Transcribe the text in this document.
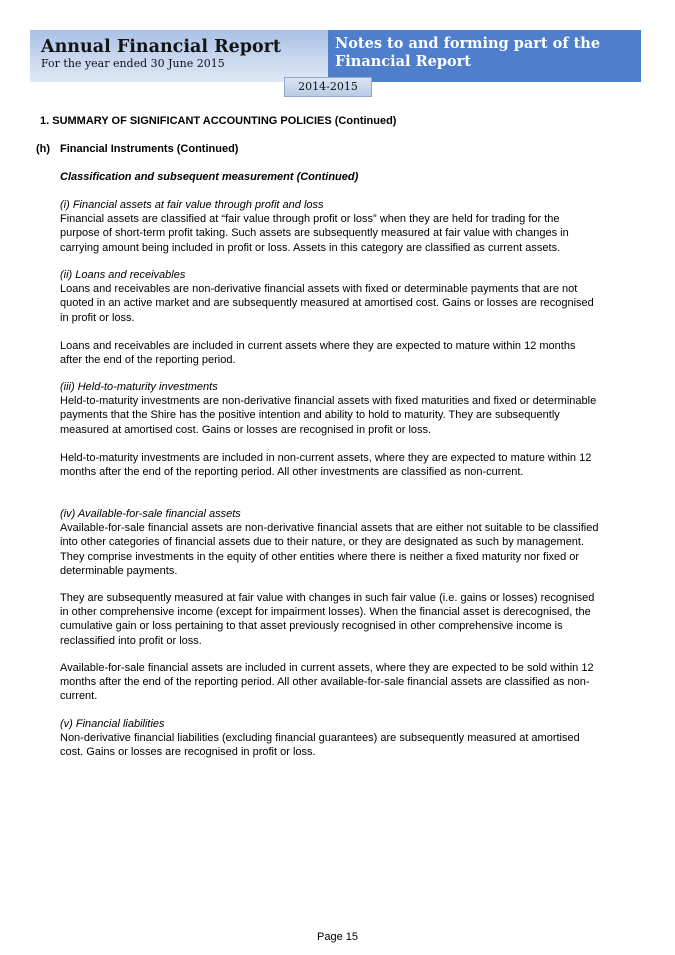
Annual Financial Report
For the year ended 30 June 2015
Notes to and forming part of the Financial Report
2014-2015
1. SUMMARY OF SIGNIFICANT ACCOUNTING POLICIES (Continued)
(h) Financial Instruments (Continued)
Classification and subsequent measurement (Continued)
(i) Financial assets at fair value through profit and loss
Financial assets are classified at “fair value through profit or loss” when they are held for trading for the purpose of short-term profit taking. Such assets are subsequently measured at fair value with changes in carrying amount being included in profit or loss. Assets in this category are classified as current assets.
(ii) Loans and receivables
Loans and receivables are non-derivative financial assets with fixed or determinable payments that are not quoted in an active market and are subsequently measured at amortised cost. Gains or losses are recognised in profit or loss.
Loans and receivables are included in current assets where they are expected to mature within 12 months after the end of the reporting period.
(iii) Held-to-maturity investments
Held-to-maturity investments are non-derivative financial assets with fixed maturities and fixed or determinable payments that the Shire has the positive intention and ability to hold to maturity. They are subsequently measured at amortised cost. Gains or losses are recognised in profit or loss.
Held-to-maturity investments are included in non-current assets, where they are expected to mature within 12 months after the end of the reporting period. All other investments are classified as non-current.
(iv) Available-for-sale financial assets
Available-for-sale financial assets are non-derivative financial assets that are either not suitable to be classified into other categories of financial assets due to their nature, or they are designated as such by management. They comprise investments in the equity of other entities where there is neither a fixed maturity nor fixed or determinable payments.
They are subsequently measured at fair value with changes in such fair value (i.e. gains or losses) recognised in other comprehensive income (except for impairment losses). When the financial asset is derecognised, the cumulative gain or loss pertaining to that asset previously recognised in other comprehensive income is reclassified into profit or loss.
Available-for-sale financial assets are included in current assets, where they are expected to be sold within 12 months after the end of the reporting period. All other available-for-sale financial assets are classified as non-current.
(v) Financial liabilities
Non-derivative financial liabilities (excluding financial guarantees) are subsequently measured at amortised cost. Gains or losses are recognised in profit or loss.
Page 15
